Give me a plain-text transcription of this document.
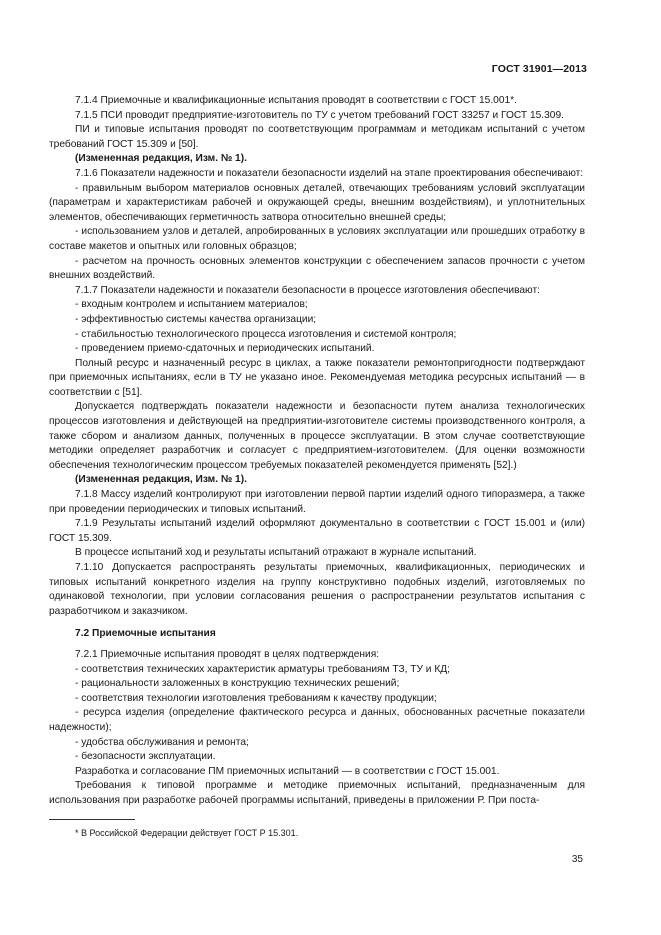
ГОСТ 31901—2013

7.1.4 Приемочные и квалификационные испытания проводят в соответствии с ГОСТ 15.001*.

7.1.5 ПСИ проводит предприятие-изготовитель по ТУ с учетом требований ГОСТ 33257 и ГОСТ 15.309.

ПИ и типовые испытания проводят по соответствующим программам и методикам испытаний с учетом требований ГОСТ 15.309 и [50].

(Измененная редакция, Изм. № 1).

7.1.6 Показатели надежности и показатели безопасности изделий на этапе проектирования обеспечивают:

- правильным выбором материалов основных деталей, отвечающих требованиям условий эксплуатации (параметрам и характеристикам рабочей и окружающей среды, внешним воздействиям), и уплотнительных элементов, обеспечивающих герметичность затвора относительно внешней среды;

- использованием узлов и деталей, апробированных в условиях эксплуатации или прошедших отработку в составе макетов и опытных или головных образцов;

- расчетом на прочность основных элементов конструкции с обеспечением запасов прочности с учетом внешних воздействий.

7.1.7 Показатели надежности и показатели безопасности в процессе изготовления обеспечивают:

- входным контролем и испытанием материалов;

- эффективностью системы качества организации;

- стабильностью технологического процесса изготовления и системой контроля;

- проведением приемо-сдаточных и периодических испытаний.

Полный ресурс и назначенный ресурс в циклах, а также показатели ремонтопригодности подтверждают при приемочных испытаниях, если в ТУ не указано иное. Рекомендуемая методика ресурсных испытаний — в соответствии с [51].

Допускается подтверждать показатели надежности и безопасности путем анализа технологических процессов изготовления и действующей на предприятии-изготовителе системы производственного контроля, а также сбором и анализом данных, полученных в процессе эксплуатации. В этом случае соответствующие методики определяет разработчик и согласует с предприятием-изготовителем. (Для оценки возможности обеспечения технологическим процессом требуемых показателей рекомендуется применять [52].)

(Измененная редакция, Изм. № 1).

7.1.8 Массу изделий контролируют при изготовлении первой партии изделий одного типоразмера, а также при проведении периодических и типовых испытаний.

7.1.9 Результаты испытаний изделий оформляют документально в соответствии с ГОСТ 15.001 и (или) ГОСТ 15.309.

В процессе испытаний ход и результаты испытаний отражают в журнале испытаний.

7.1.10 Допускается распространять результаты приемочных, квалификационных, периодических и типовых испытаний конкретного изделия на группу конструктивно подобных изделий, изготовляемых по одинаковой технологии, при условии согласования решения о распространении результатов испытания с разработчиком и заказчиком.

7.2 Приемочные испытания

7.2.1 Приемочные испытания проводят в целях подтверждения:

- соответствия технических характеристик арматуры требованиям ТЗ, ТУ и КД;

- рациональности заложенных в конструкцию технических решений;

- соответствия технологии изготовления требованиям к качеству продукции;

- ресурса изделия (определение фактического ресурса и данных, обоснованных расчетные показатели надежности);

- удобства обслуживания и ремонта;

- безопасности эксплуатации.

Разработка и согласование ПМ приемочных испытаний — в соответствии с ГОСТ 15.001.

Требования к типовой программе и методике приемочных испытаний, предназначенным для использования при разработке рабочей программы испытаний, приведены в приложении Р. При поста-

* В Российской Федерации действует ГОСТ Р 15.301.
35
